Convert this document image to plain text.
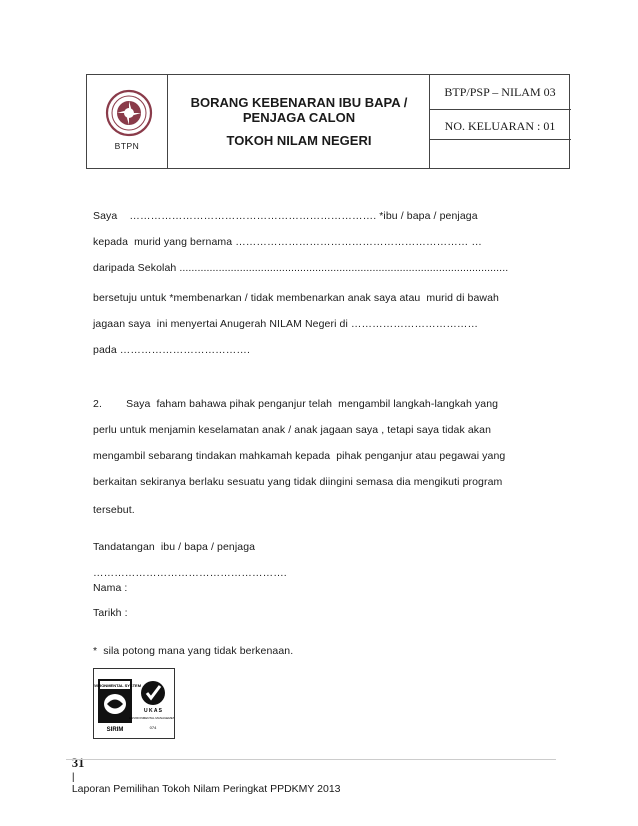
BTPN
BORANG KEBENARAN IBU BAPA /
PENJAGA CALON
TOKOH NILAM NEGERI
BTP/PSP – NILAM 03
NO. KELUARAN : 01
Saya    ……………………………………………………………. *ibu / bapa / penjaga
kepada  murid yang bernama ………………………………………………………… …
daripada Sekolah .............................................................................................................
bersetuju untuk *membenarkan / tidak membenarkan anak saya atau  murid di bawah
jagaan saya  ini menyertai Anugerah NILAM Negeri di ………………………………
pada ……………………………….
2.        Saya  faham bahawa pihak penganjur telah  mengambil langkah-langkah yang
perlu untuk menjamin keselamatan anak / anak jagaan saya , tetapi saya tidak akan
mengambil sebarang tindakan mahkamah kepada  pihak penganjur atau pegawai yang
berkaitan sekiranya berlaku sesuatu yang tidak diingini semasa dia mengikuti program
tersebut.
Tandatangan  ibu / bapa / penjaga
……………………………………………….
Nama :
Tarikh :
*  sila potong mana yang tidak berkenaan.
ENVIRONMENTAL SYSTEM
SIRIM
U K A S
ENVIRONMENTAL MANAGEMENT
074

31
|
Laporan Pemilihan Tokoh Nilam Peringkat PPDKMY 2013
